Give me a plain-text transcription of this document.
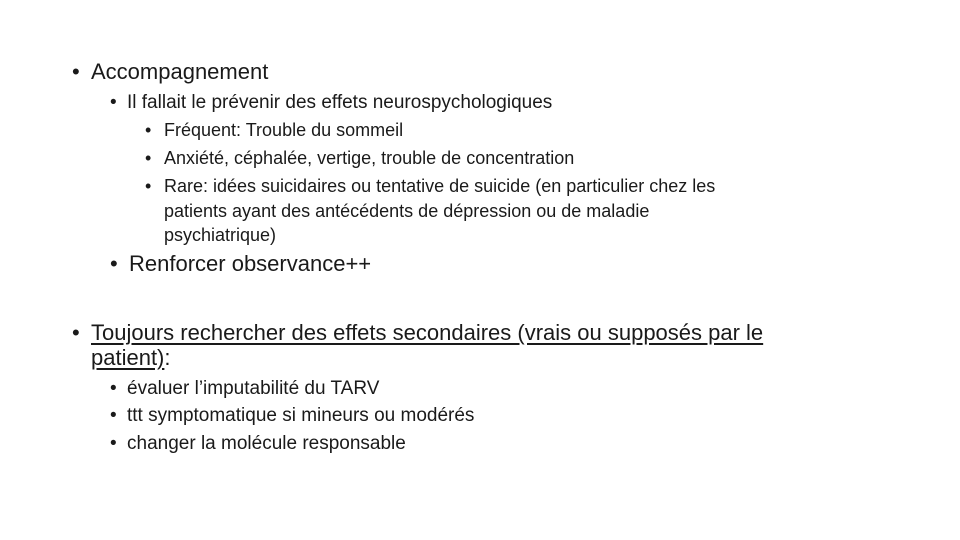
• Accompagnement
• Il fallait le prévenir des effets neurospychologiques
• Fréquent: Trouble du sommeil
• Anxiété, céphalée, vertige, trouble de concentration
• Rare: idées suicidaires ou tentative de suicide (en particulier chez les
patients ayant des antécédents de dépression ou de maladie
psychiatrique)
• Renforcer observance++
• Toujours rechercher des effets secondaires (vrais ou supposés par le
patient):
• évaluer l’imputabilité du TARV
• ttt symptomatique si mineurs ou modérés
• changer la molécule responsable
